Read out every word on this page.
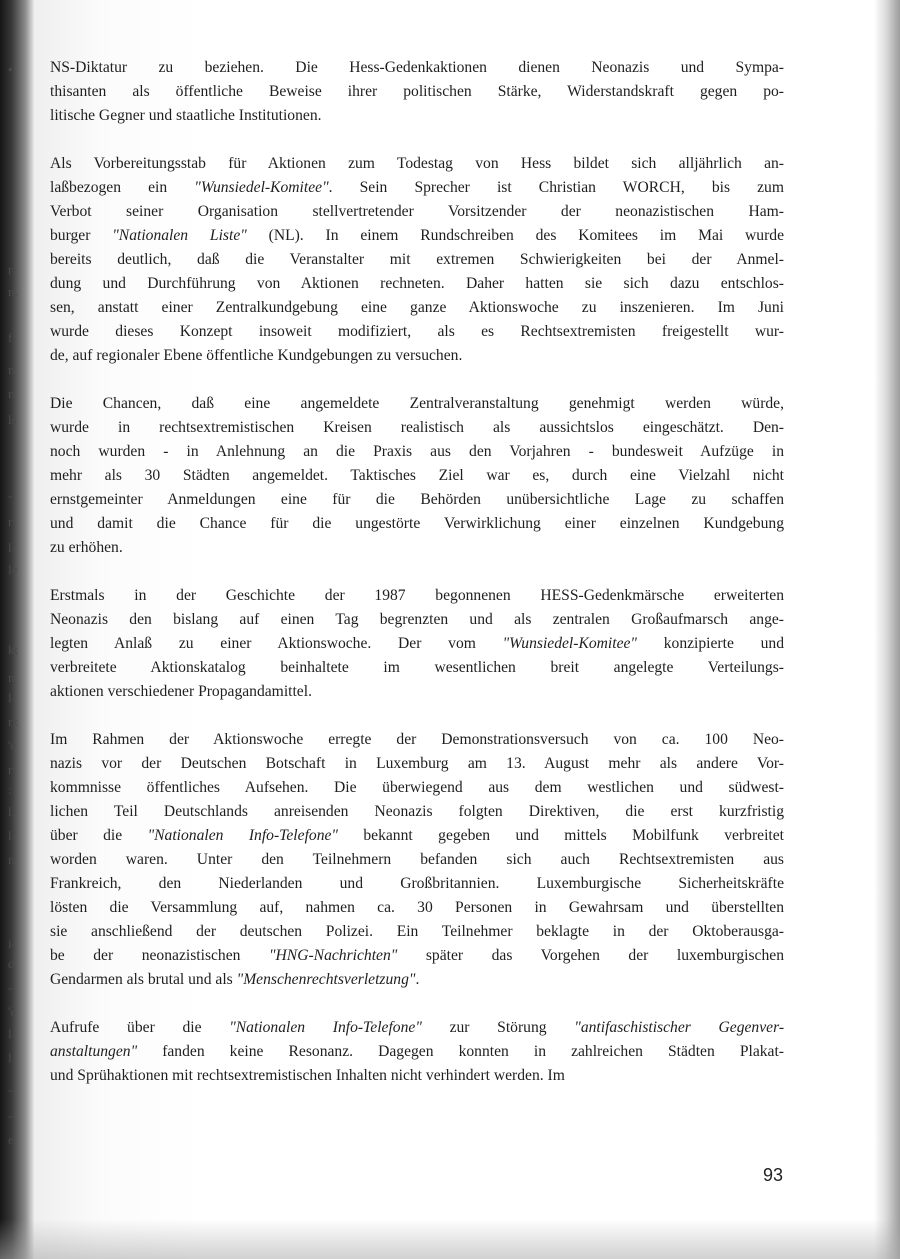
•
r-
n,
f-
n
n
ls
-
r-
l-
le
kt
n
l-
rz
'e
r-
:
l,
l-
n
i-
d
-
'e
l-
l
-
-
e
NS-Diktatur zu beziehen. Die Hess-Gedenkaktionen dienen Neonazis und Sympa-
thisanten als öffentliche Beweise ihrer politischen Stärke, Widerstandskraft gegen po-
litische Gegner und staatliche Institutionen.
Als Vorbereitungsstab für Aktionen zum Todestag von Hess bildet sich alljährlich an-
laßbezogen ein "Wunsiedel-Komitee". Sein Sprecher ist Christian WORCH, bis zum
Verbot seiner Organisation stellvertretender Vorsitzender der neonazistischen Ham-
burger "Nationalen Liste" (NL). In einem Rundschreiben des Komitees im Mai wurde
bereits deutlich, daß die Veranstalter mit extremen Schwierigkeiten bei der Anmel-
dung und Durchführung von Aktionen rechneten. Daher hatten sie sich dazu entschlos-
sen, anstatt einer Zentralkundgebung eine ganze Aktionswoche zu inszenieren. Im Juni
wurde dieses Konzept insoweit modifiziert, als es Rechtsextremisten freigestellt wur-
de, auf regionaler Ebene öffentliche Kundgebungen zu versuchen.
Die Chancen, daß eine angemeldete Zentralveranstaltung genehmigt werden würde,
wurde in rechtsextremistischen Kreisen realistisch als aussichtslos eingeschätzt. Den-
noch wurden - in Anlehnung an die Praxis aus den Vorjahren - bundesweit Aufzüge in
mehr als 30 Städten angemeldet. Taktisches Ziel war es, durch eine Vielzahl nicht
ernstgemeinter Anmeldungen eine für die Behörden unübersichtliche Lage zu schaffen
und damit die Chance für die ungestörte Verwirklichung einer einzelnen Kundgebung
zu erhöhen.
Erstmals in der Geschichte der 1987 begonnenen HESS-Gedenkmärsche erweiterten
Neonazis den bislang auf einen Tag begrenzten und als zentralen Großaufmarsch ange-
legten Anlaß zu einer Aktionswoche. Der vom "Wunsiedel-Komitee" konzipierte und
verbreitete Aktionskatalog beinhaltete im wesentlichen breit angelegte Verteilungs-
aktionen verschiedener Propagandamittel.
Im Rahmen der Aktionswoche erregte der Demonstrationsversuch von ca. 100 Neo-
nazis vor der Deutschen Botschaft in Luxemburg am 13. August mehr als andere Vor-
kommnisse öffentliches Aufsehen. Die überwiegend aus dem westlichen und südwest-
lichen Teil Deutschlands anreisenden Neonazis folgten Direktiven, die erst kurzfristig
über die "Nationalen Info-Telefone" bekannt gegeben und mittels Mobilfunk verbreitet
worden waren. Unter den Teilnehmern befanden sich auch Rechtsextremisten aus
Frankreich, den Niederlanden und Großbritannien. Luxemburgische Sicherheitskräfte
lösten die Versammlung auf, nahmen ca. 30 Personen in Gewahrsam und überstellten
sie anschließend der deutschen Polizei. Ein Teilnehmer beklagte in der Oktoberausga-
be der neonazistischen "HNG-Nachrichten" später das Vorgehen der luxemburgischen
Gendarmen als brutal und als "Menschenrechtsverletzung".
Aufrufe über die "Nationalen Info-Telefone" zur Störung "antifaschistischer Gegenver-
anstaltungen" fanden keine Resonanz. Dagegen konnten in zahlreichen Städten Plakat-
und Sprühaktionen mit rechtsextremistischen Inhalten nicht verhindert werden. Im
93
